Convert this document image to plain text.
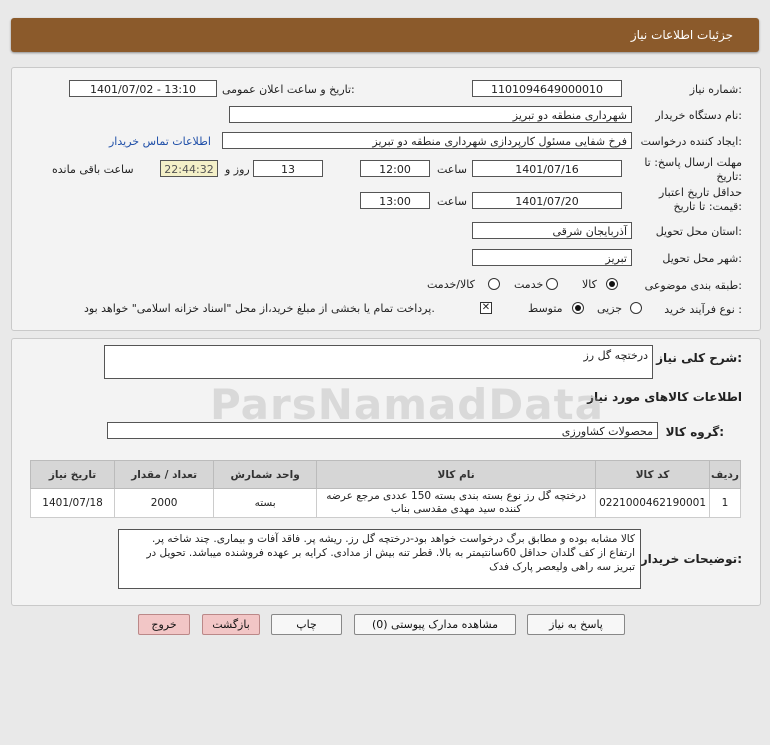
جزئیات اطلاعات نیاز
شماره نیاز:
1101094649000010
تاریخ و ساعت اعلان عمومی:
1401/07/02 - 13:10
نام دستگاه خریدار:
شهرداری منطقه دو تبریز
ایجاد کننده درخواست:
فرخ شفایی مسئول کارپردازی شهرداری منطقه دو تبریز
اطلاعات تماس خریدار
مهلت ارسال پاسخ: تا تاریخ:
1401/07/16
ساعت
12:00
13
روز و
22:44:32
ساعت باقی مانده
حداقل تاریخ اعتبار قیمت: تا تاریخ:
1401/07/20
ساعت
13:00
استان محل تحویل:
آذربایجان شرقی
شهر محل تحویل:
تبریز
طبقه بندی موضوعی:
کالا
خدمت
کالا/خدمت
نوع فرآیند خرید :
جزیی
متوسط
✕
پرداخت تمام یا بخشی از مبلغ خرید،از محل "اسناد خزانه اسلامی" خواهد بود.
شرح کلی نیاز:
درختچه گل رز
اطلاعات کالاهای مورد نیاز
گروه کالا:
محصولات کشاورزی
ParsNamadData
ردیف	کد کالا	نام کالا	واحد شمارش	تعداد / مقدار	تاریخ نیاز
1	0221000462190001	درختچه گل رز نوع بسته بندی بسته 150 عددی مرجع عرضه کننده سید مهدی مقدسی بناب	بسته	2000	1401/07/18
توضیحات خریدار:
کالا مشابه بوده و مطابق برگ درخواست خواهد بود-درختچه گل رز. ریشه پر. فاقد آفات و بیماری. چند شاخه پر. ارتفاع از کف گلدان حداقل 60سانتیمتر به بالا. قطر تنه بیش از مدادی. کرایه بر عهده فروشنده میباشد. تحویل در تبریز سه راهی ولیعصر پارک فدک
پاسخ به نیاز
مشاهده مدارک پیوستی (0)
چاپ
بازگشت
خروج
